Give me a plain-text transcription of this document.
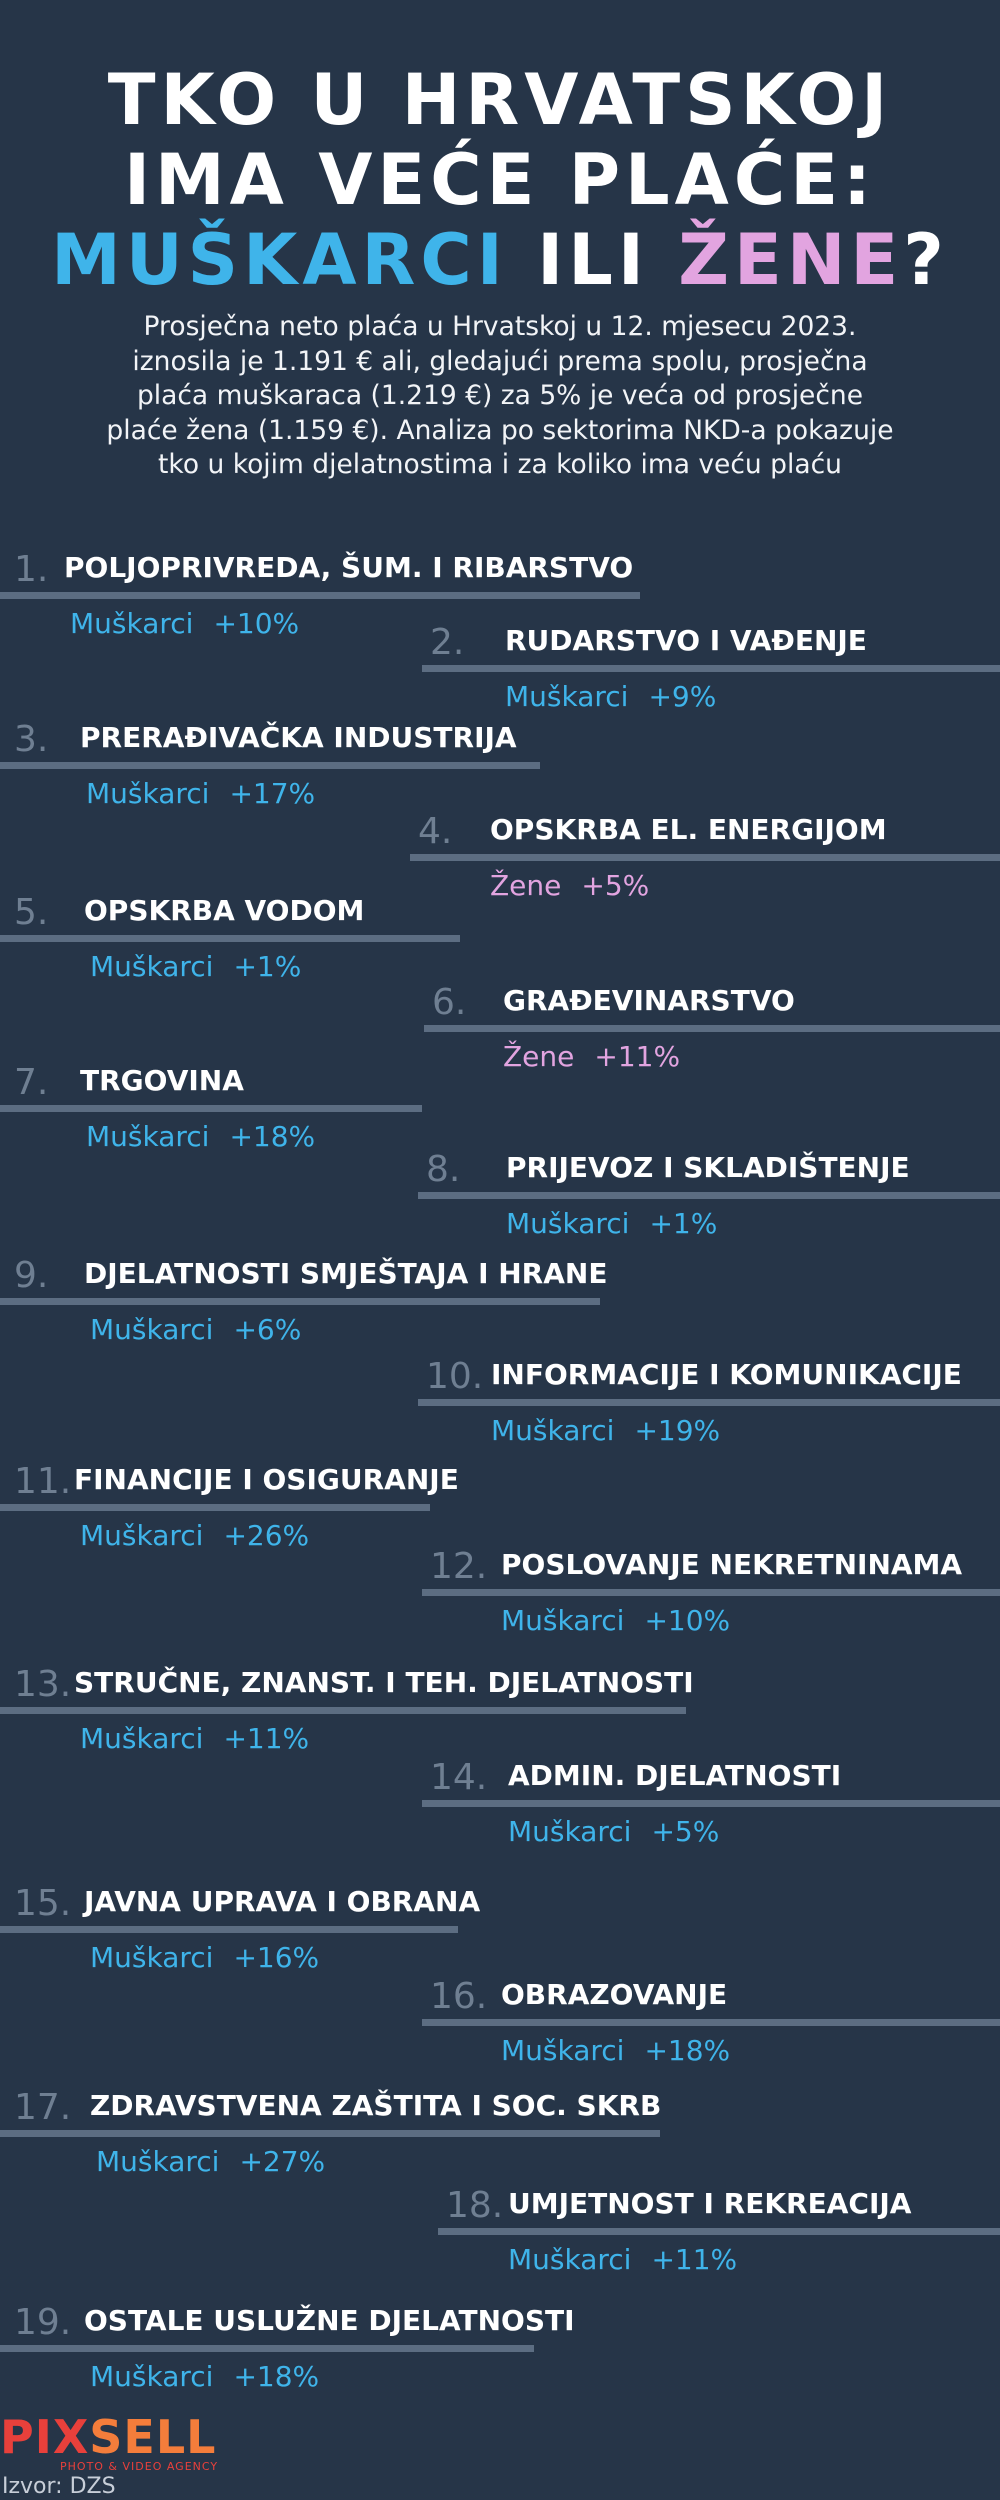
TKO U HRVATSKOJ
IMA VEĆE PLAĆE:
MUŠKARCI ILI ŽENE?

Prosječna neto plaća u Hrvatskoj u 12. mjesecu 2023. iznosila je 1.191 € ali, gledajući prema spolu, prosječna plaća muškaraca (1.219 €) za 5% je veća od prosječne plaće žena (1.159 €). Analiza po sektorima NKD-a pokazuje tko u kojim djelatnostima i za koliko ima veću plaću

1. POLJOPRIVREDA, ŠUM. I RIBARSTVO
Muškarci +10%	2. RUDARSTVO I VAĐENJE
Muškarci +9%
3. PRERAĐIVAČKA INDUSTRIJA
Muškarci +17%
4. OPSKRBA EL. ENERGIJOM
Žene +5%
5. OPSKRBA VODOM
Muškarci +1%
6. GRAĐEVINARSTVO
Žene +11%
7. TRGOVINA
Muškarci +18%
8. PRIJEVOZ I SKLADIŠTENJE
Muškarci +1%
9. DJELATNOSTI SMJEŠTAJA I HRANE
Muškarci +6%
10. INFORMACIJE I KOMUNIKACIJE
Muškarci +19%
11. FINANCIJE I OSIGURANJE
Muškarci +26%
12. POSLOVANJE NEKRETNINAMA
Muškarci +10%
13. STRUČNE, ZNANST. I TEH. DJELATNOSTI
Muškarci +11%
14. ADMIN. DJELATNOSTI
Muškarci +5%
15. JAVNA UPRAVA I OBRANA
Muškarci +16%
16. OBRAZOVANJE
Muškarci +18%
17. ZDRAVSTVENA ZAŠTITA I SOC. SKRB
Muškarci +27%
18. UMJETNOST I REKREACIJA
Muškarci +11%
19. OSTALE USLUŽNE DJELATNOSTI
Muškarci +18%
PIXSELL
PHOTO & VIDEO AGENCY
Izvor: DZS
